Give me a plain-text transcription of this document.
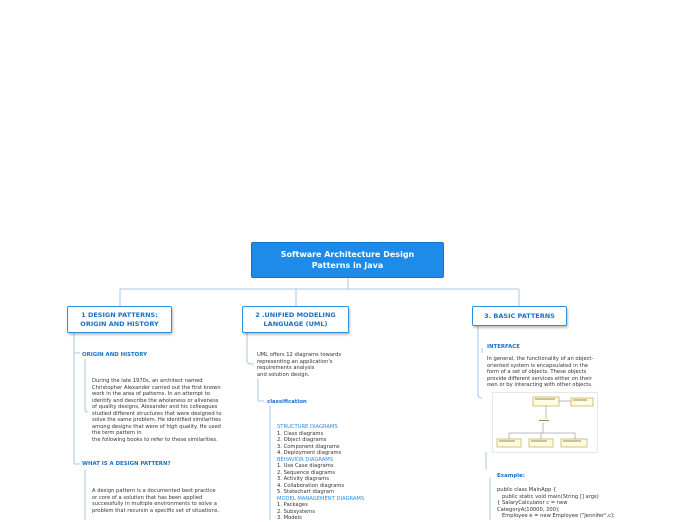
Software Architecture Design Patterns in Java
1 DESIGN PATTERNS: ORIGIN AND HISTORY
ORIGIN AND HISTORY
During the late 1970s, an architect named
Christopher Alexander carried out the first known
work in the area of patterns. In an attempt to
identify and describe the wholeness or aliveness
of quality designs, Alexander and his colleagues
studied different structures that were designed to
solve the same problem. He identified similarities
among designs that were of high quality. He used
the term pattern in
the following books to refer to these similarities.
WHAT IS A DESIGN PATTERN?
A design pattern is a documented best practice
or core of a solution that has been applied
successfully in multiple environments to solve a
problem that recursin a specific set of situations.
2 .UNIFIED MODELING LANGUAGE (UML)
UML offers 12 diagrams towards
representing an application's
requirements analysis
and solution design.
classification
STRUCTURE DIAGRAMS
1. Class diagrams
2. Object diagrams
3. Component diagrams
4. Deployment diagrams
BEHAVIOR DIAGRAMS
1. Use Case diagrams
2. Sequence diagrams
3. Activity diagrams
4. Collaboration diagrams
5. Statechart diagram
MODEL MANAGEMENT DIAGRAMS
1. Packages
2. Subsystems
3. Models
3. BASIC PATTERNS
INTERFACE
In general, the functionality of an object-
oriented system is encapsulated in the
form of a set of objects. These objects
provide different services either on their
own or by interacting with other objects.
Example:
public class MainApp {
public static void main(String [] args)
{ SalaryCalculator c = new
CategoryA(10000, 200);
Employee e = new Employee ("Jennifer",c);
